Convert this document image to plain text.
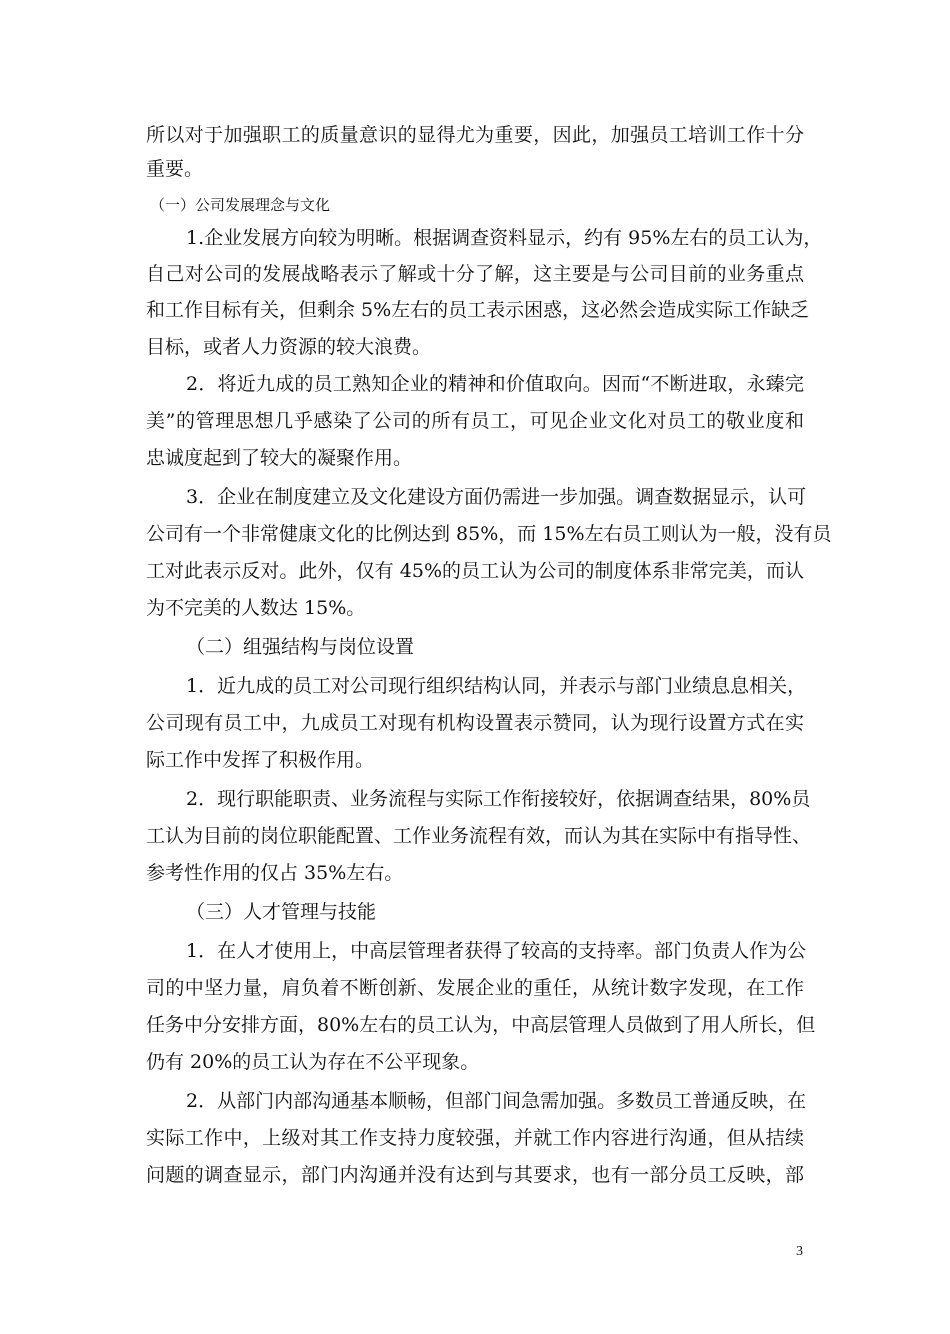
所以对于加强职工的质量意识的显得尤为重要，因此，加强员工培训工作十分
重要。
（一）公司发展理念与文化
1.企业发展方向较为明晰。根据调查资料显示，约有 95%左右的员工认为，
自己对公司的发展战略表示了解或十分了解，这主要是与公司目前的业务重点
和工作目标有关，但剩余 5%左右的员工表示困惑，这必然会造成实际工作缺乏
目标，或者人力资源的较大浪费。
2．将近九成的员工熟知企业的精神和价值取向。因而“不断进取，永臻完
美”的管理思想几乎感染了公司的所有员工，可见企业文化对员工的敬业度和
忠诚度起到了较大的凝聚作用。
3．企业在制度建立及文化建设方面仍需进一步加强。调查数据显示，认可
公司有一个非常健康文化的比例达到 85%，而 15%左右员工则认为一般，没有员
工对此表示反对。此外，仅有 45%的员工认为公司的制度体系非常完美，而认
为不完美的人数达 15%。
（二）组强结构与岗位设置
1．近九成的员工对公司现行组织结构认同，并表示与部门业绩息息相关，
公司现有员工中，九成员工对现有机构设置表示赞同，认为现行设置方式在实
际工作中发挥了积极作用。
2．现行职能职责、业务流程与实际工作衔接较好，依据调查结果，80%员
工认为目前的岗位职能配置、工作业务流程有效，而认为其在实际中有指导性、
参考性作用的仅占 35%左右。
（三）人才管理与技能
1．在人才使用上，中高层管理者获得了较高的支持率。部门负责人作为公
司的中坚力量，肩负着不断创新、发展企业的重任，从统计数字发现，在工作
任务中分安排方面，80%左右的员工认为，中高层管理人员做到了用人所长，但
仍有 20%的员工认为存在不公平现象。
2．从部门内部沟通基本顺畅，但部门间急需加强。多数员工普通反映，在
实际工作中，上级对其工作支持力度较强，并就工作内容进行沟通，但从拮续
问题的调查显示，部门内沟通并没有达到与其要求，也有一部分员工反映，部
3
